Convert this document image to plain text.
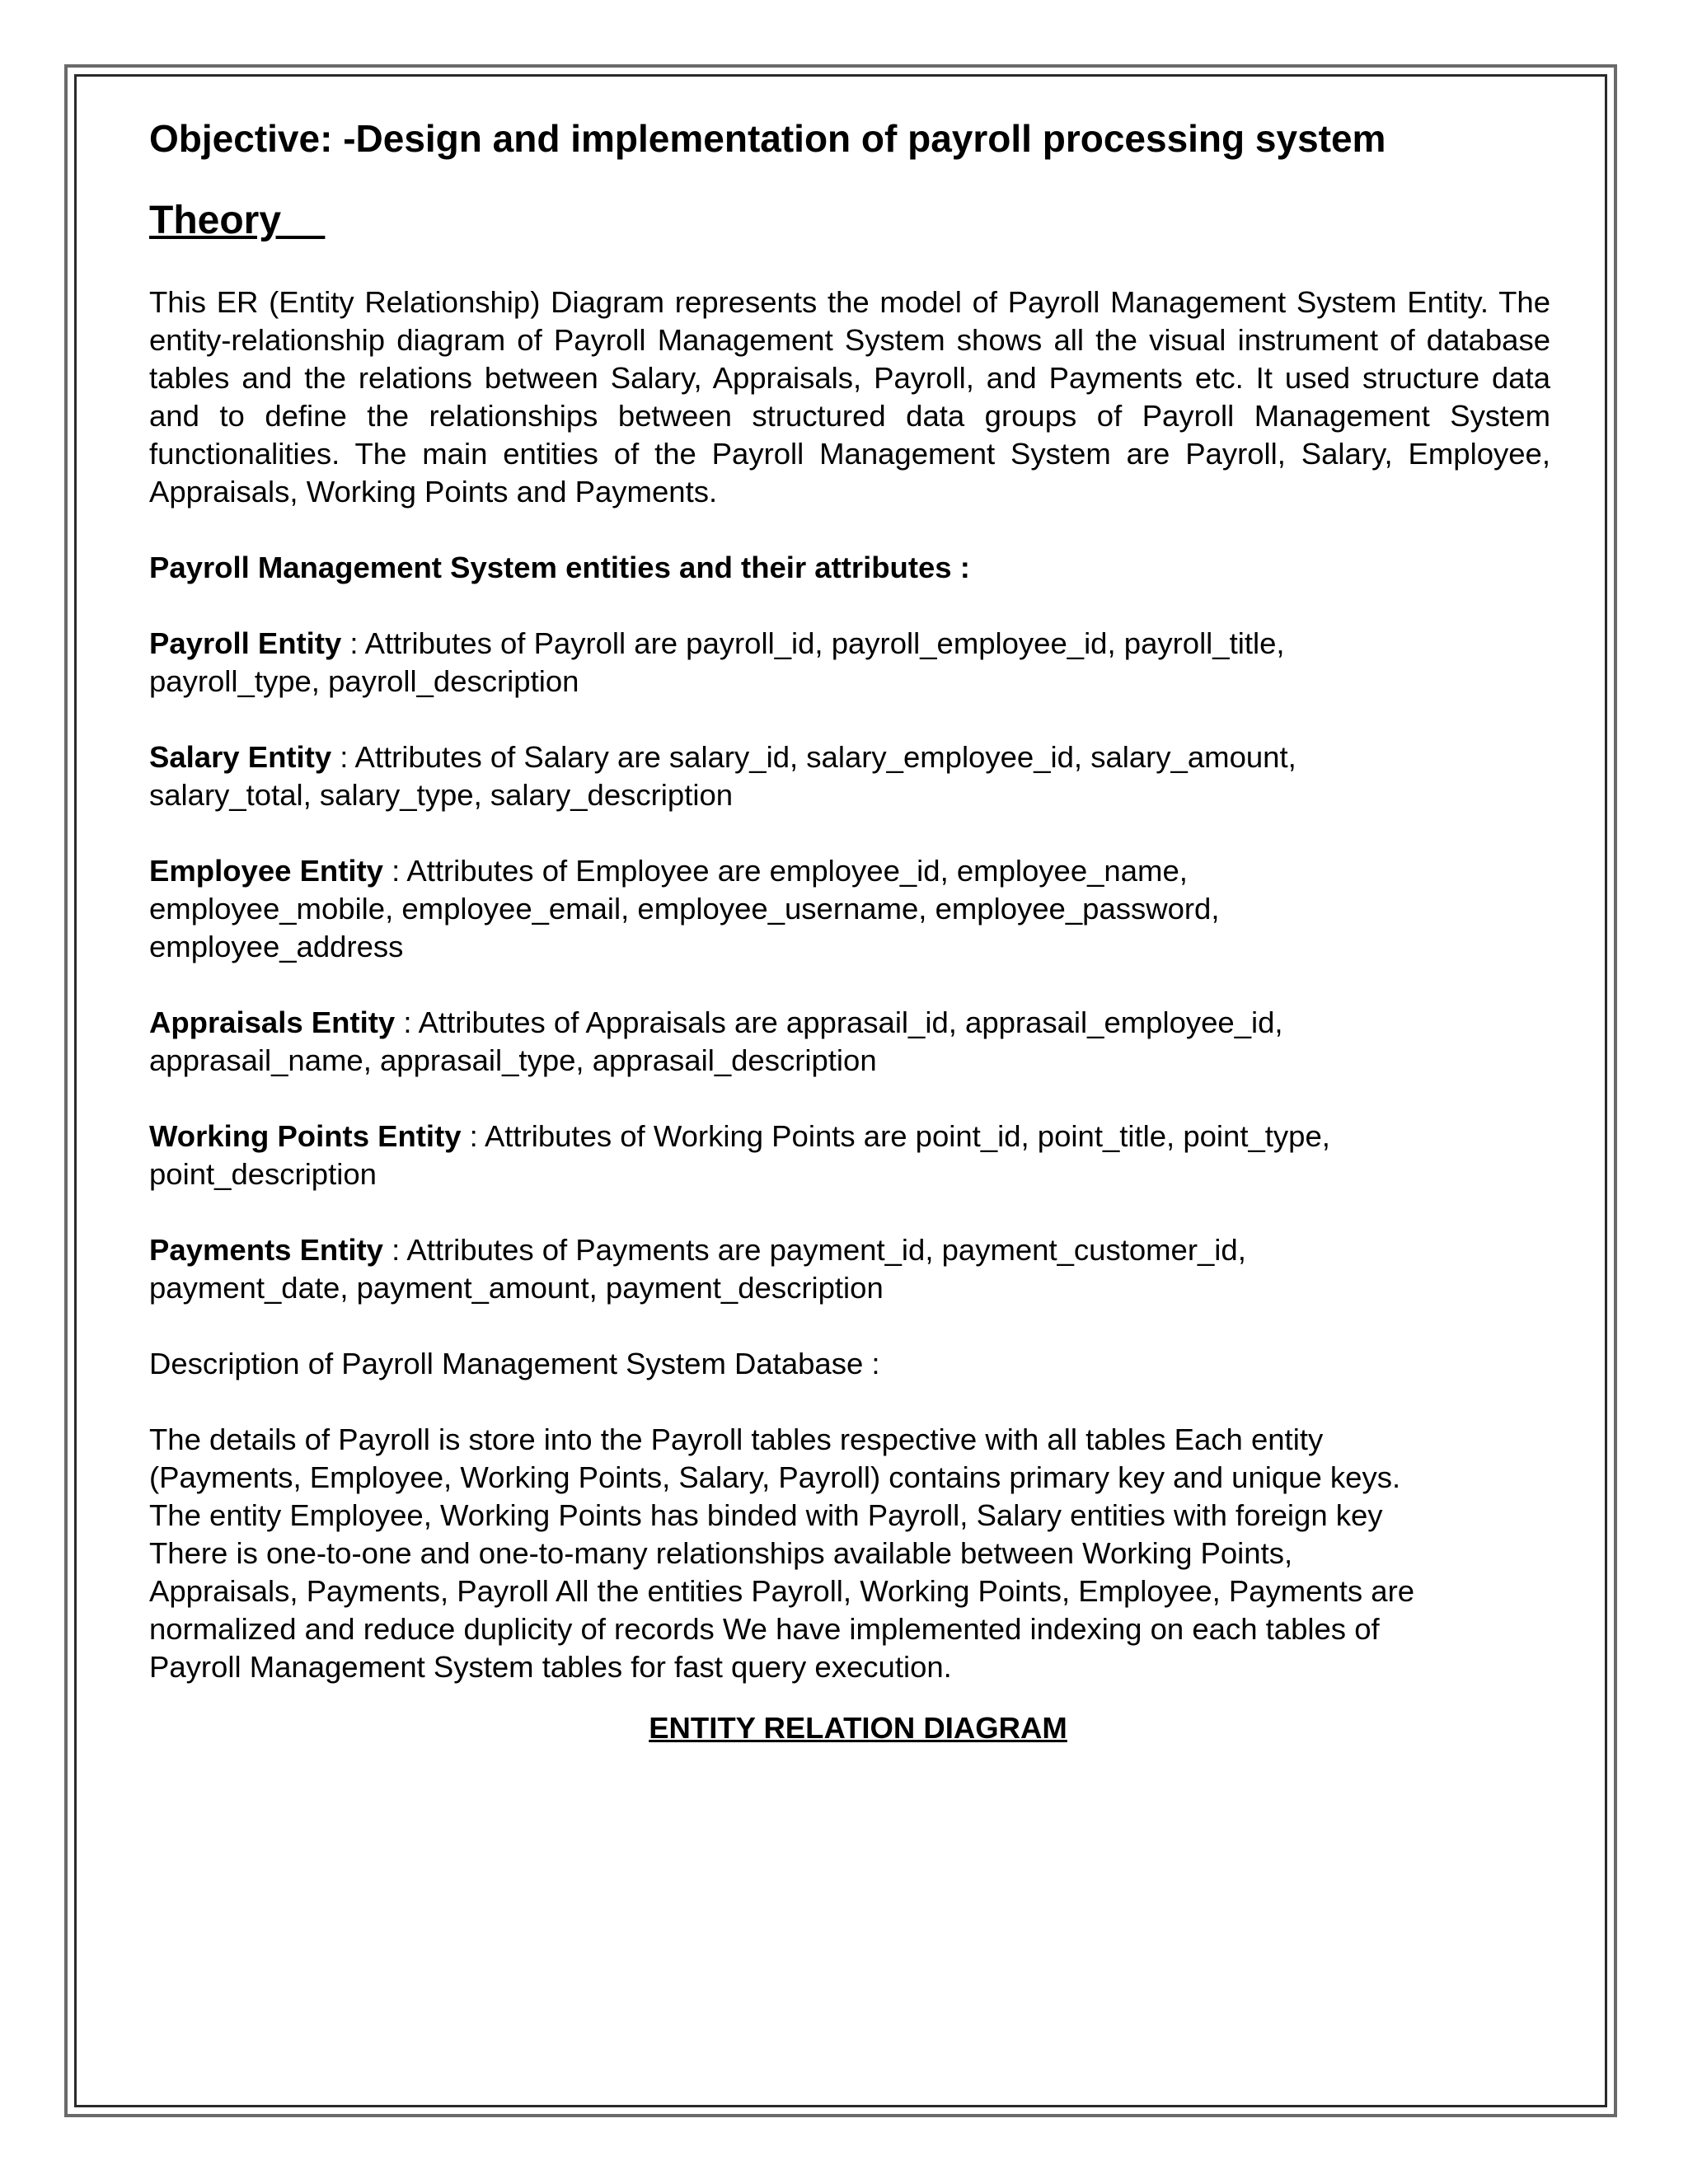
Objective: -Design and implementation of payroll processing system
Theory

This ER (Entity Relationship) Diagram represents the model of Payroll Management System Entity. The entity-relationship diagram of Payroll Management System shows all the visual instrument of database tables and the relations between Salary, Appraisals, Payroll, and Payments etc. It used structure data and to define the relationships between structured data groups of Payroll Management System functionalities. The main entities of the Payroll Management System are Payroll, Salary, Employee, Appraisals, Working Points and Payments.

Payroll Management System entities and their attributes :

Payroll Entity : Attributes of Payroll are payroll_id, payroll_employee_id, payroll_title,
payroll_type, payroll_description

Salary Entity : Attributes of Salary are salary_id, salary_employee_id, salary_amount,
salary_total, salary_type, salary_description

Employee Entity : Attributes of Employee are employee_id, employee_name,
employee_mobile, employee_email, employee_username, employee_password,
employee_address

Appraisals Entity : Attributes of Appraisals are apprasail_id, apprasail_employee_id,
apprasail_name, apprasail_type, apprasail_description

Working Points Entity : Attributes of Working Points are point_id, point_title, point_type,
point_description

Payments Entity : Attributes of Payments are payment_id, payment_customer_id,
payment_date, payment_amount, payment_description

Description of Payroll Management System Database :

The details of Payroll is store into the Payroll tables respective with all tables Each entity
(Payments, Employee, Working Points, Salary, Payroll) contains primary key and unique keys.
The entity Employee, Working Points has binded with Payroll, Salary entities with foreign key
There is one-to-one and one-to-many relationships available between Working Points,
Appraisals, Payments, Payroll All the entities Payroll, Working Points, Employee, Payments are
normalized and reduce duplicity of records We have implemented indexing on each tables of
Payroll Management System tables for fast query execution.

ENTITY RELATION DIAGRAM
